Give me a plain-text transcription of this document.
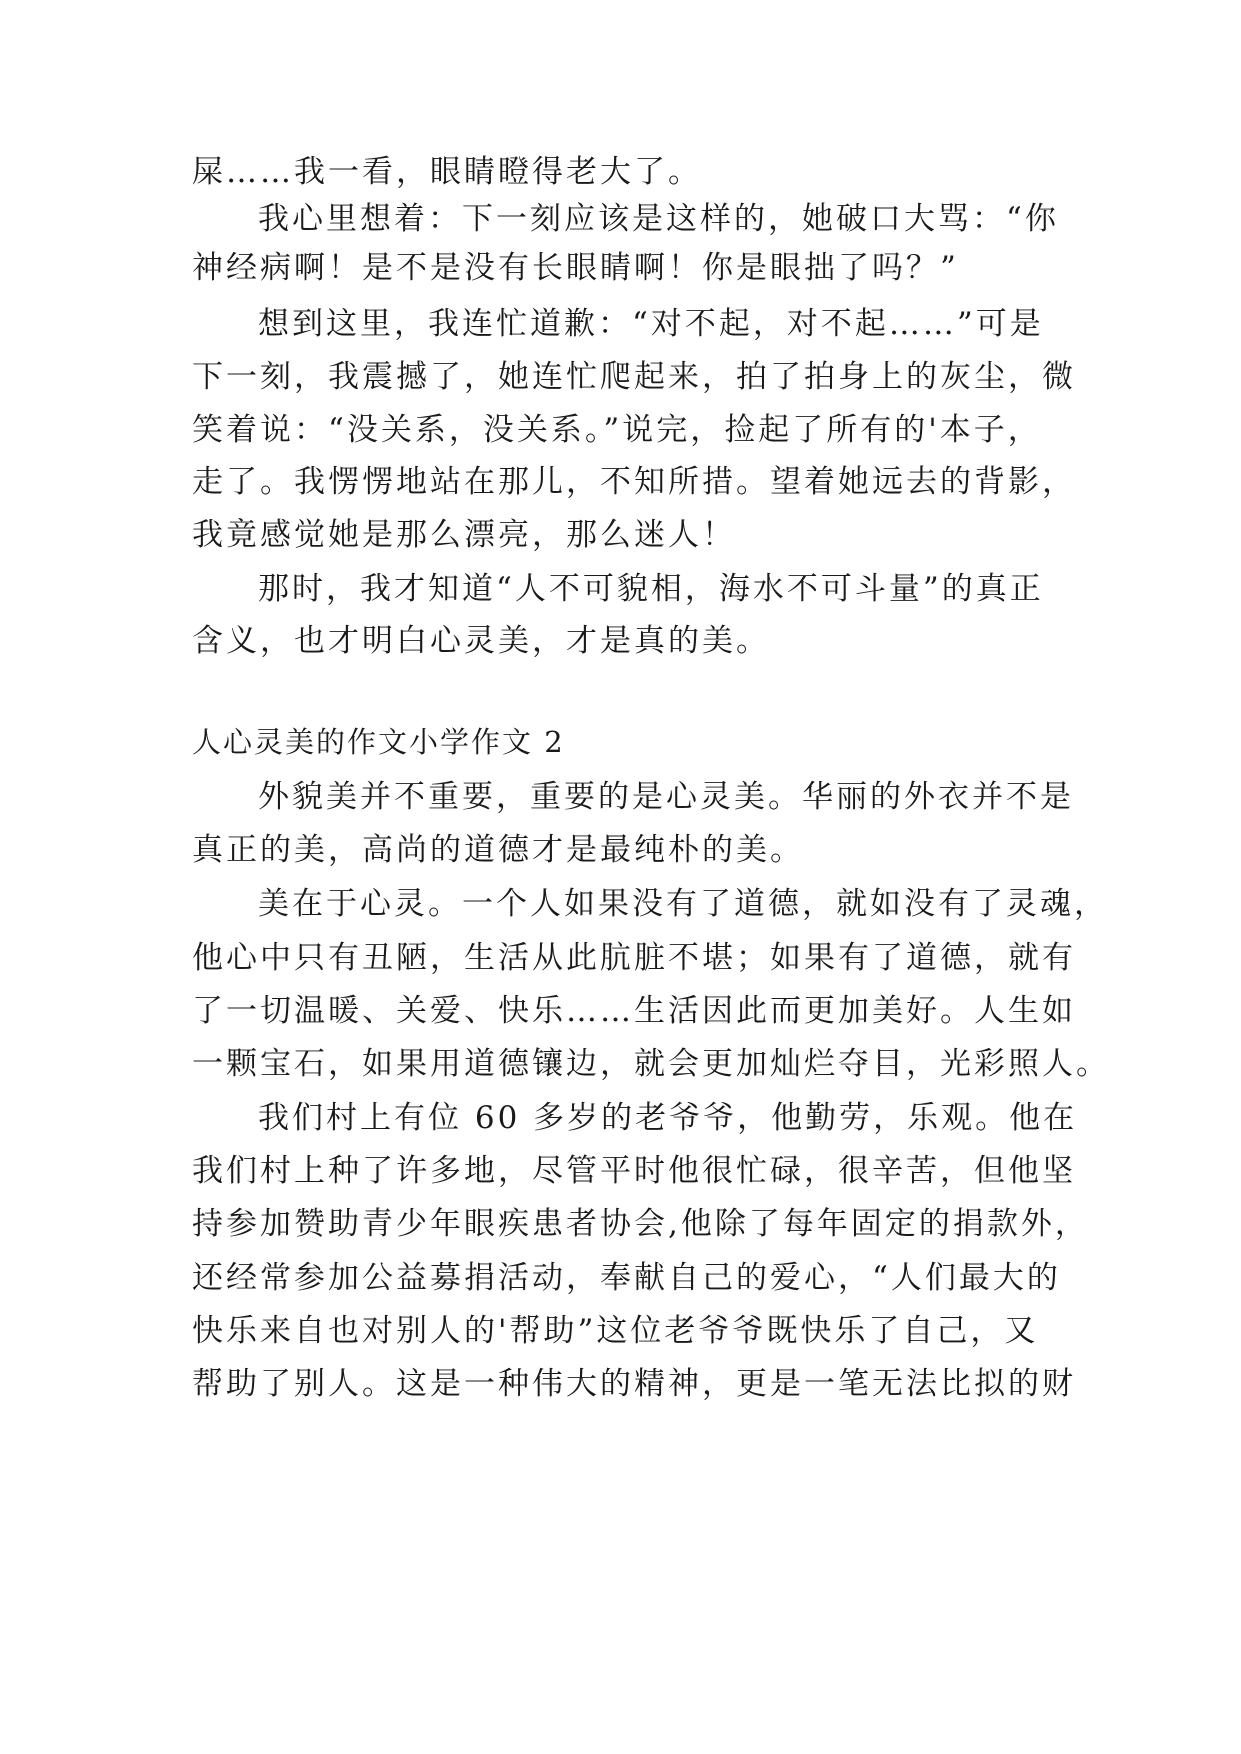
屎……我一看，眼睛瞪得老大了。
我心里想着：下一刻应该是这样的，她破口大骂：“你
神经病啊！是不是没有长眼睛啊！你是眼拙了吗？”
想到这里，我连忙道歉：“对不起，对不起……”可是
下一刻，我震撼了，她连忙爬起来，拍了拍身上的灰尘，微
笑着说：“没关系，没关系。”说完，捡起了所有的'本子，
走了。我愣愣地站在那儿，不知所措。望着她远去的背影，
我竟感觉她是那么漂亮，那么迷人！
那时，我才知道“人不可貌相，海水不可斗量”的真正
含义，也才明白心灵美，才是真的美。
人心灵美的作文小学作文 2
外貌美并不重要，重要的是心灵美。华丽的外衣并不是
真正的美，高尚的道德才是最纯朴的美。
美在于心灵。一个人如果没有了道德，就如没有了灵魂，
他心中只有丑陋，生活从此肮脏不堪；如果有了道德，就有
了一切温暖、关爱、快乐……生活因此而更加美好。人生如
一颗宝石，如果用道德镶边，就会更加灿烂夺目，光彩照人。
我们村上有位 60 多岁的老爷爷，他勤劳，乐观。他在
我们村上种了许多地，尽管平时他很忙碌，很辛苦，但他坚
持参加赞助青少年眼疾患者协会,他除了每年固定的捐款外，
还经常参加公益募捐活动，奉献自己的爱心，“人们最大的
快乐来自也对别人的'帮助”这位老爷爷既快乐了自己，又
帮助了别人。这是一种伟大的精神，更是一笔无法比拟的财
